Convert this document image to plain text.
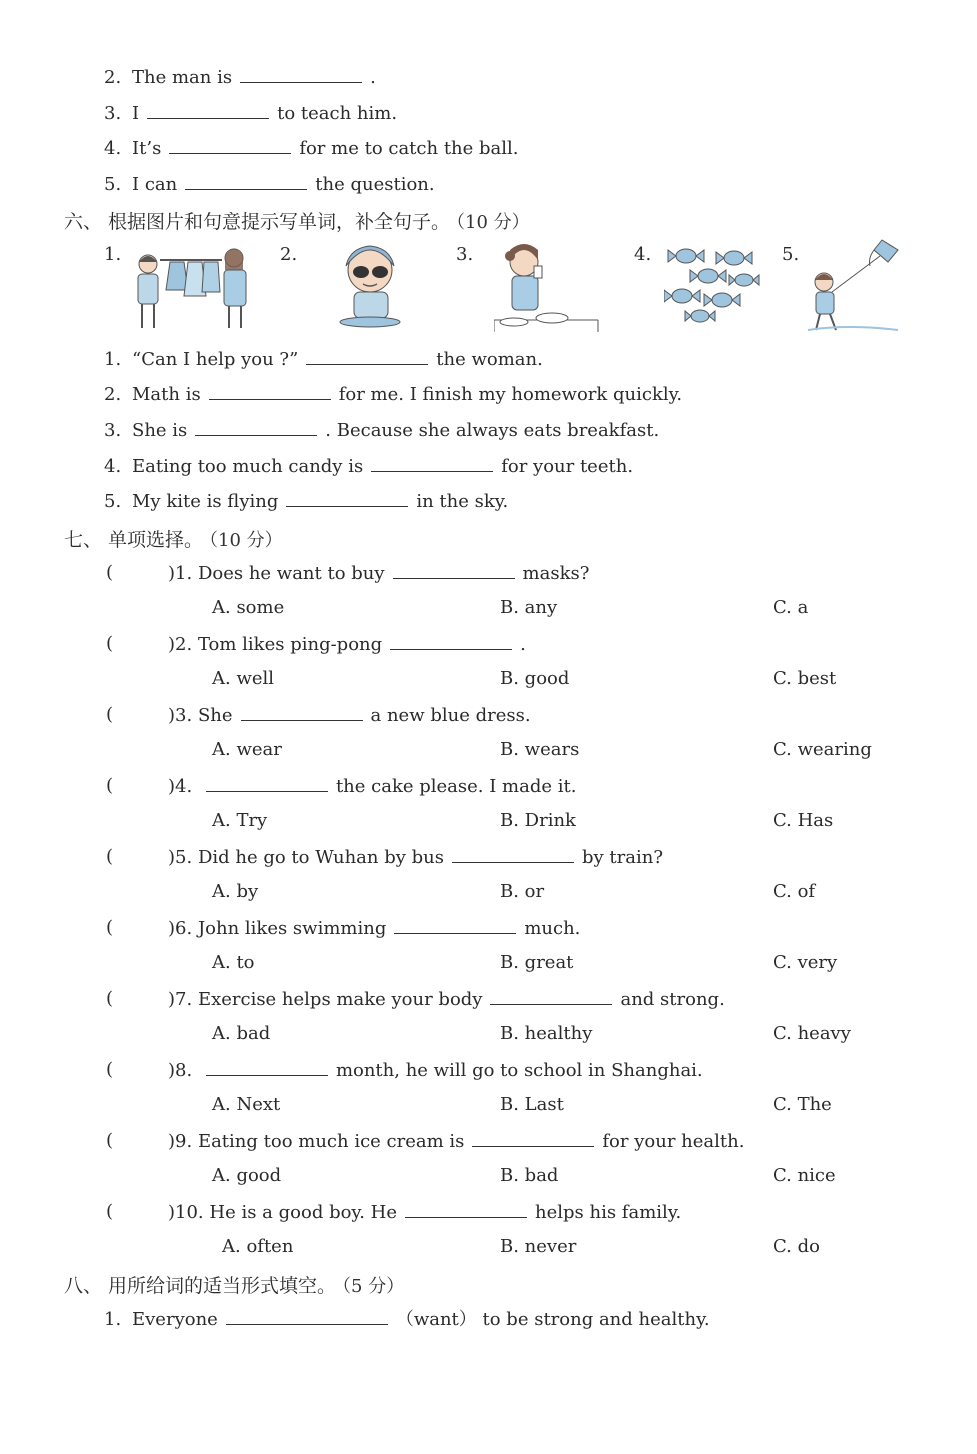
2. The man is	.
3. I	to teach him.
4. It’s	for me to catch the ball.
5. I can	the question.
六、 根据图片和句意提示写单词，补全句子。 （10 分）
1.	2.	3.	4.	5.
1. “Can I help you ?”	the woman.
2. Math is	for me. I finish my homework quickly.
3. She is	. Because she always eats breakfast.
4. Eating too much candy is	for your teeth.
5. My kite is flying	in the sky.
七、 单项选择。 （10 分）
(	)1. Does he want to buy	masks?
A. some	B. any	C. a
(	)2. Tom likes ping-pong	.
A. well	B. good	C. best
(	)3. She	a new blue dress.
A. wear	B. wears	C. wearing
(	)4.	the cake please. I made it.
A. Try	B. Drink	C. Has
(	)5. Did he go to Wuhan by bus	by train?
A. by	B. or	C. of
(	)6. John likes swimming	much.
A. to	B. great	C. very
(	)7. Exercise helps make your body	and strong.
A. bad	B. healthy	C. heavy
(	)8.	month, he will go to school in Shanghai.
A. Next	B. Last	C. The
(	)9. Eating too much ice cream is	for your health.
A. good	B. bad	C. nice
(	)10. He is a good boy. He	helps his family.
A. often	B. never	C. do
八、 用所给词的适当形式填空。 （5 分）
1. Everyone	（want） to be strong and healthy.
